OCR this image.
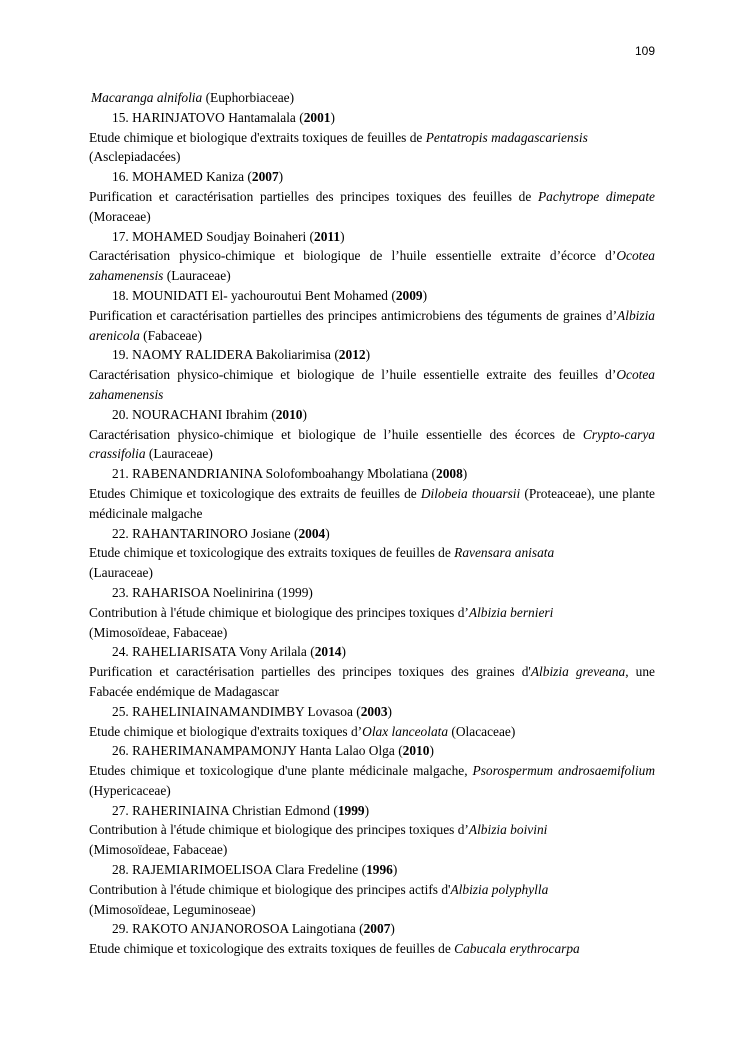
109

Macaranga alnifolia (Euphorbiaceae)

15. HARINJATOVO Hantamalala (2001)

Etude chimique et biologique d'extraits toxiques de feuilles de Pentatropis madagascariensis
(Asclepiadacées)

16. MOHAMED Kaniza (2007)

Purification et caractérisation partielles des principes toxiques des feuilles de Pachytrope dimepate (Moraceae)

17. MOHAMED Soudjay Boinaheri (2011)

Caractérisation physico-chimique et biologique de l’huile essentielle extraite d’écorce d’Ocotea zahamenensis (Lauraceae)

18. MOUNIDATI El- yachouroutui Bent Mohamed (2009)

Purification et caractérisation partielles des principes antimicrobiens des téguments de graines d’Albizia arenicola (Fabaceae)

19. NAOMY RALIDERA Bakoliarimisa (2012)

Caractérisation physico-chimique et biologique de l’huile essentielle extraite des feuilles d’Ocotea zahamenensis

20. NOURACHANI Ibrahim (2010)

Caractérisation physico-chimique et biologique de l’huile essentielle des écorces de Crypto-carya crassifolia (Lauraceae)

21. RABENANDRIANINA Solofomboahangy Mbolatiana (2008)

Etudes Chimique et toxicologique des extraits de feuilles de Dilobeia thouarsii (Proteaceae), une plante médicinale malgache

22. RAHANTARINORO Josiane (2004)

Etude chimique et toxicologique des extraits toxiques de feuilles de Ravensara anisata
(Lauraceae)

23. RAHARISOA Noelinirina (1999)

Contribution à l'étude chimique et biologique des principes toxiques d’Albizia bernieri
(Mimosoïdeae, Fabaceae)

24. RAHELIARISATA Vony Arilala (2014)

Purification et caractérisation partielles des principes toxiques des graines d'Albizia greveana, une Fabacée endémique de Madagascar

25. RAHELINIAINAMANDIMBY Lovasoa (2003)

Etude chimique et biologique d'extraits toxiques d’Olax lanceolata (Olacaceae)

26. RAHERIMANAMPAMONJY Hanta Lalao Olga (2010)

Etudes chimique et toxicologique d'une plante médicinale malgache, Psorospermum androsaemifolium (Hypericaceae)

27. RAHERINIAINA Christian Edmond (1999)

Contribution à l'étude chimique et biologique des principes toxiques d’Albizia boivini
(Mimosoïdeae, Fabaceae)

28. RAJEMIARIMOELISOA Clara Fredeline (1996)

Contribution à l'étude chimique et biologique des principes actifs d'Albizia polyphylla
(Mimosoïdeae, Leguminoseae)

29. RAKOTO ANJANOROSOA Laingotiana (2007)

Etude chimique et toxicologique des extraits toxiques de feuilles de Cabucala erythrocarpa
